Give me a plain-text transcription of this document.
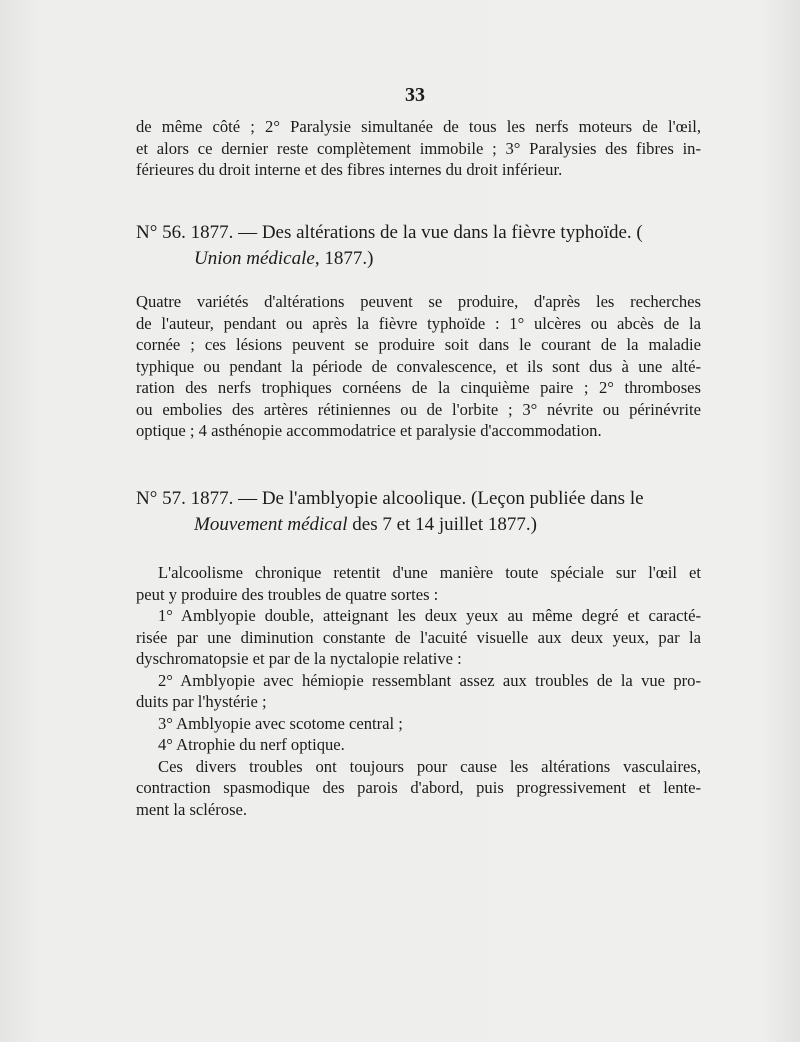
33
de même côté ; 2° Paralysie simultanée de tous les nerfs moteurs de l'œil,
et alors ce dernier reste complètement immobile ; 3° Paralysies des fibres in-
férieures du droit interne et des fibres internes du droit inférieur.
N° 56. 1877. — Des altérations de la vue dans la fièvre typhoïde. (
Union médicale, 1877.)
Quatre variétés d'altérations peuvent se produire, d'après les recherches
de l'auteur, pendant ou après la fièvre typhoïde : 1° ulcères ou abcès de la
cornée ; ces lésions peuvent se produire soit dans le courant de la maladie
typhique ou pendant la période de convalescence, et ils sont dus à une alté-
ration des nerfs trophiques cornéens de la cinquième paire ; 2° thromboses
ou embolies des artères rétiniennes ou de l'orbite ; 3° névrite ou périnévrite
optique ; 4 asthénopie accommodatrice et paralysie d'accommodation.
N° 57. 1877. — De l'amblyopie alcoolique. (Leçon publiée dans le
Mouvement médical des 7 et 14 juillet 1877.)
L'alcoolisme chronique retentit d'une manière toute spéciale sur l'œil et
peut y produire des troubles de quatre sortes :
1° Amblyopie double, atteignant les deux yeux au même degré et caracté-
risée par une diminution constante de l'acuité visuelle aux deux yeux, par la
dyschromatopsie et par de la nyctalopie relative :
2° Amblyopie avec hémiopie ressemblant assez aux troubles de la vue pro-
duits par l'hystérie ;
3° Amblyopie avec scotome central ;
4° Atrophie du nerf optique.
Ces divers troubles ont toujours pour cause les altérations vasculaires,
contraction spasmodique des parois d'abord, puis progressivement et lente-
ment la sclérose.
